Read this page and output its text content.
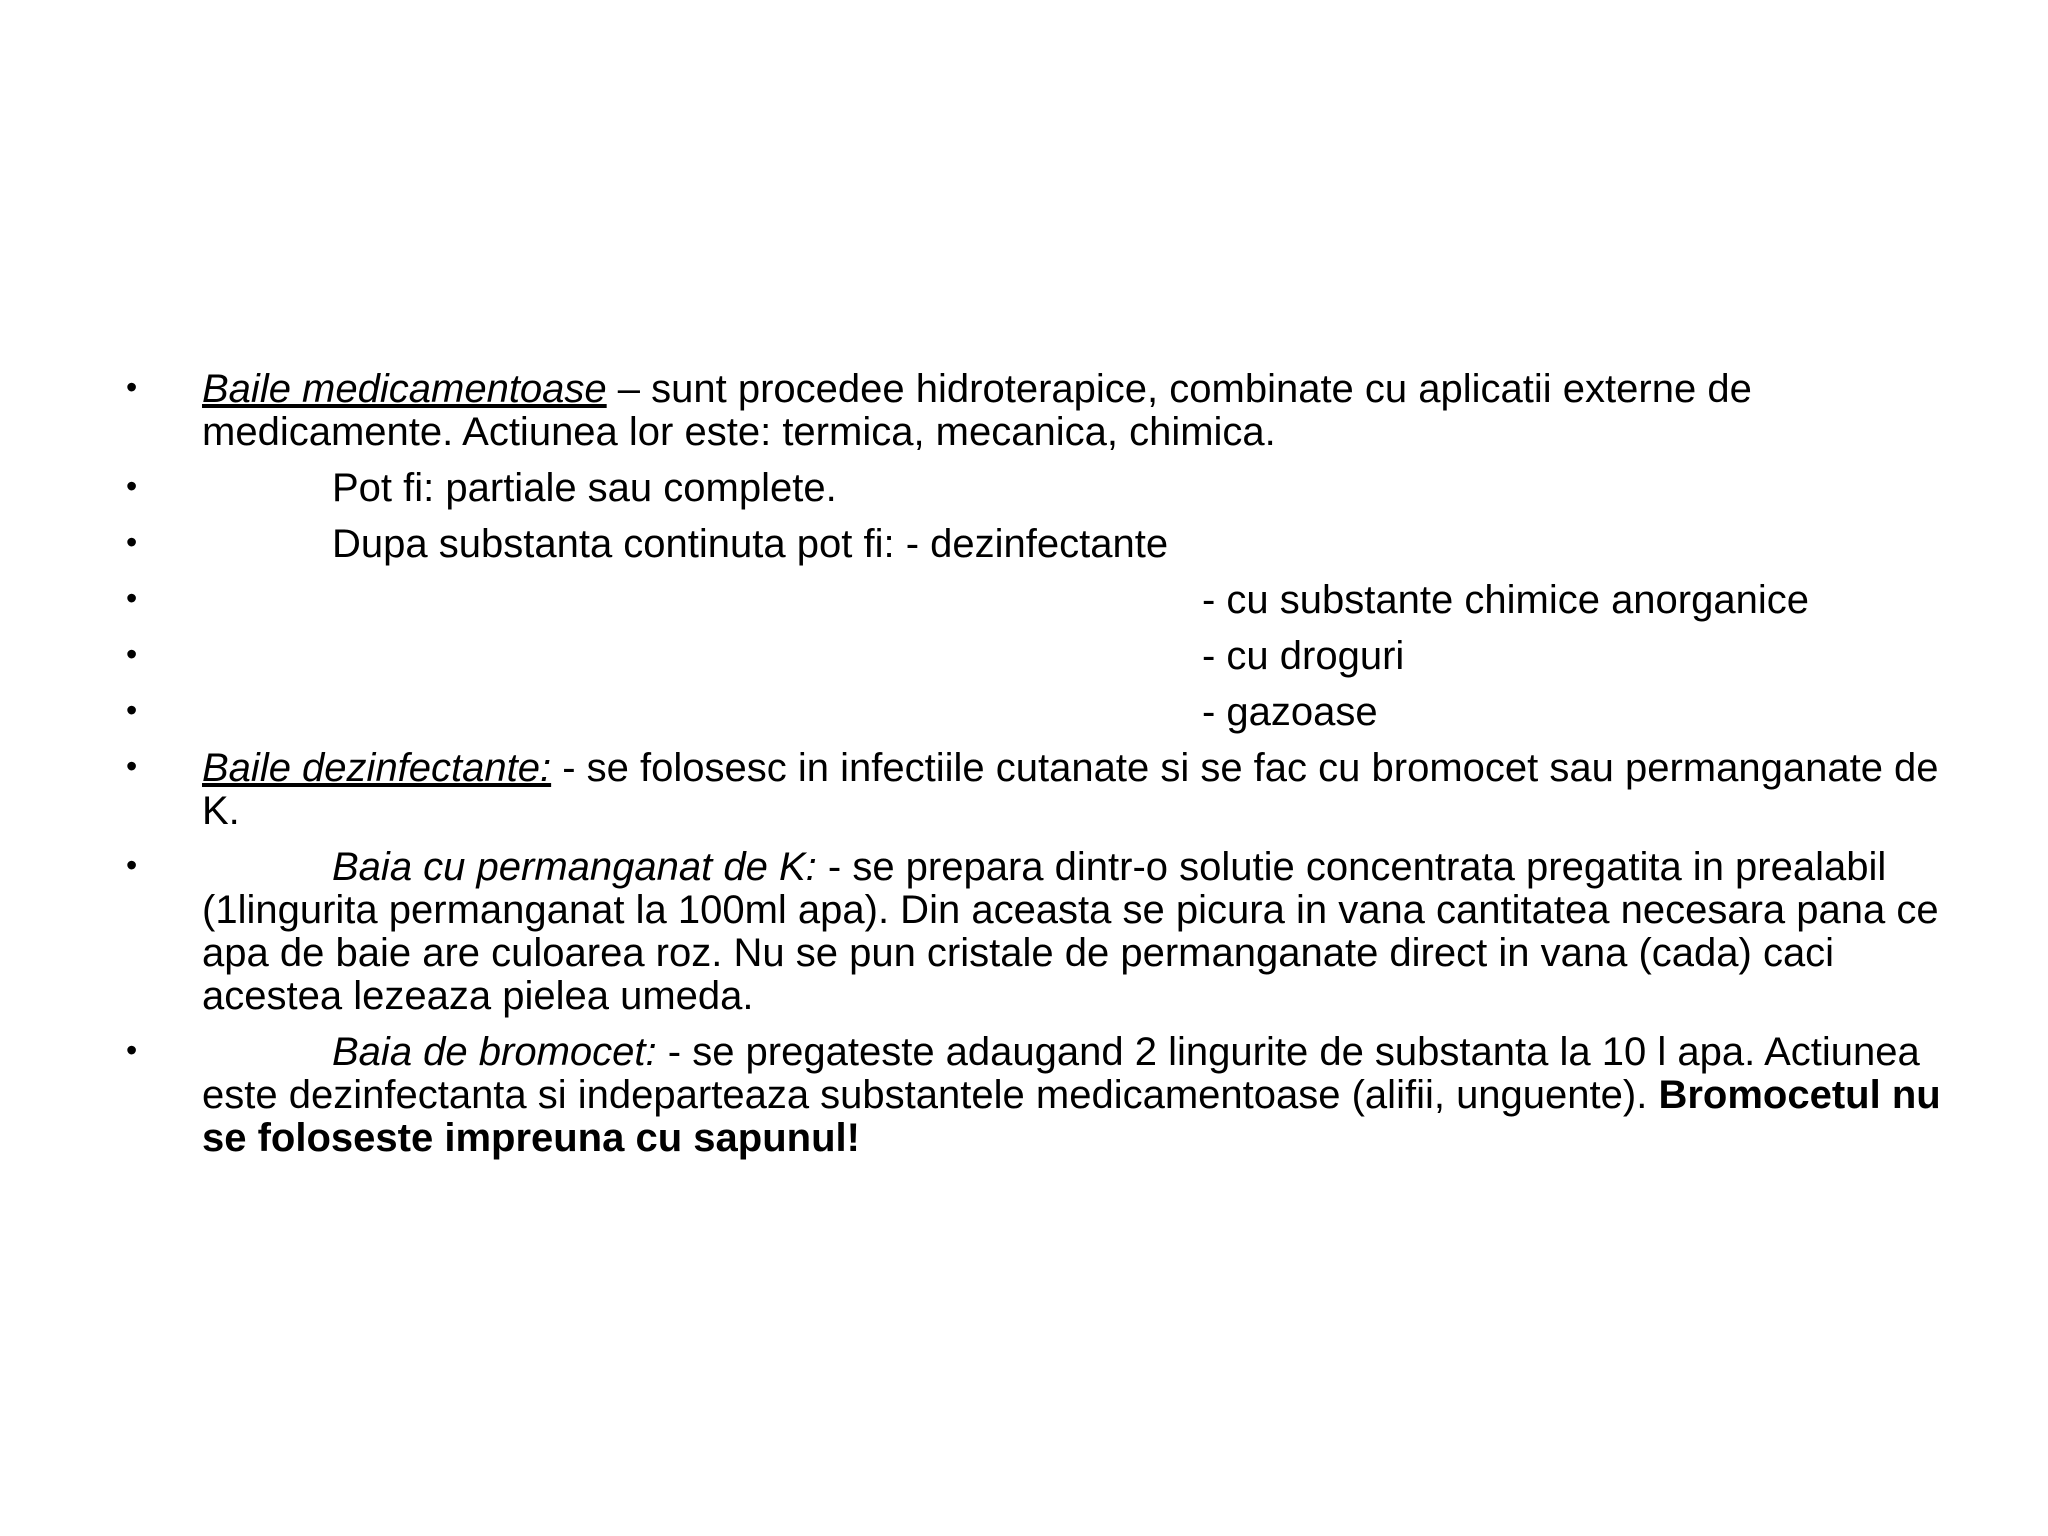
• Baile medicamentoase – sunt procedee hidroterapice, combinate cu aplicatii externe de medicamente. Actiunea lor este: termica, mecanica, chimica.
•	Pot fi: partiale sau complete.
•	Dupa substanta continuta pot fi: - dezinfectante
•	- cu substante chimice anorganice
•	- cu droguri
•	- gazoase
• Baile dezinfectante: - se folosesc in infectiile cutanate si se fac cu bromocet sau permanganate de K.
•	Baia cu permanganat de K: - se prepara dintr-o solutie concentrata pregatita in prealabil (1lingurita permanganat la 100ml apa). Din aceasta se picura in vana cantitatea necesara pana ce apa de baie are culoarea roz. Nu se pun cristale de permanganate direct in vana (cada) caci acestea lezeaza pielea umeda.
•	Baia de bromocet: - se pregateste adaugand 2 lingurite de substanta la 10 l apa. Actiunea este dezinfectanta si indeparteaza substantele medicamentoase (alifii, unguente). Bromocetul nu se foloseste impreuna cu sapunul!
